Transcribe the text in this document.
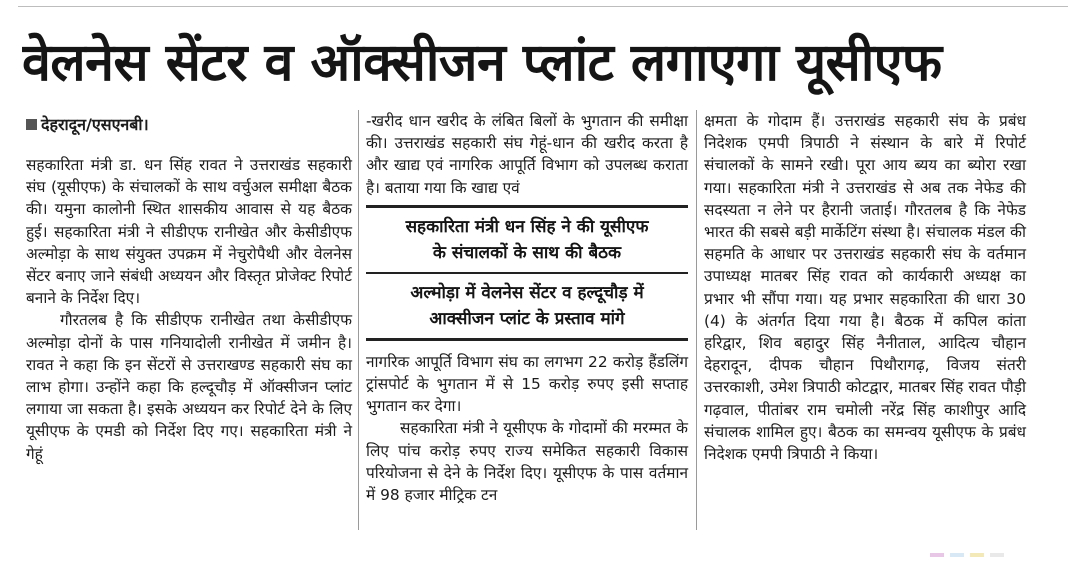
वेलनेस सेंटर व ऑक्सीजन प्लांट लगाएगा यूसीएफ
देहरादून/एसएनबी।

सहकारिता मंत्री डा. धन सिंह रावत ने उत्तराखंड सहकारी संघ (यूसीएफ) के संचालकों के साथ वर्चुअल समीक्षा बैठक की। यमुना कालोनी स्थित शासकीय आवास से यह बैठक हुई। सहकारिता मंत्री ने सीडीएफ रानीखेत और केसीडीएफ अल्मोड़ा के साथ संयुक्त उपक्रम में नेचुरोपैथी और वेलनेस सेंटर बनाए जाने संबंधी अध्ययन और विस्तृत प्रोजेक्ट रिपोर्ट बनाने के निर्देश दिए।

गौरतलब है कि सीडीएफ रानीखेत तथा केसीडीएफ अल्मोड़ा दोनों के पास गनियादोली रानीखेत में जमीन है। रावत ने कहा कि इन सेंटरों से उत्तराखण्ड सहकारी संघ का लाभ होगा। उन्होंने कहा कि हल्दूचौड़ में ऑक्सीजन प्लांट लगाया जा सकता है। इसके अध्ययन कर रिपोर्ट देने के लिए यूसीएफ के एमडी को निर्देश दिए गए। सहकारिता मंत्री ने गेहूं

-खरीद धान खरीद के लंबित बिलों के भुगतान की समीक्षा की। उत्तराखंड सहकारी संघ गेहूं-धान की खरीद करता है और खाद्य एवं नागरिक आपूर्ति विभाग को उपलब्ध कराता है। बताया गया कि खाद्य एवं

सहकारिता मंत्री धन सिंह ने की यूसीएफ
के संचालकों के साथ की बैठक
अल्मोड़ा में वेलनेस सेंटर व हल्दूचौड़ में
आक्सीजन प्लांट के प्रस्ताव मांगे

नागरिक आपूर्ति विभाग संघ का लगभग 22 करोड़ हैंडलिंग ट्रांसपोर्ट के भुगतान में से 15 करोड़ रुपए इसी सप्ताह भुगतान कर देगा।

सहकारिता मंत्री ने यूसीएफ के गोदामों की मरम्मत के लिए पांच करोड़ रुपए राज्य समेकित सहकारी विकास परियोजना से देने के निर्देश दिए। यूसीएफ के पास वर्तमान में 98 हजार मीट्रिक टन

क्षमता के गोदाम हैं। उत्तराखंड सहकारी संघ के प्रबंध निदेशक एमपी त्रिपाठी ने संस्थान के बारे में रिपोर्ट संचालकों के सामने रखी। पूरा आय ब्यय का ब्योरा रखा गया। सहकारिता मंत्री ने उत्तराखंड से अब तक नेफेड की सदस्यता न लेने पर हैरानी जताई। गौरतलब है कि नेफेड भारत की सबसे बड़ी मार्केटिंग संस्था है। संचालक मंडल की सहमति के आधार पर उत्तराखंड सहकारी संघ के वर्तमान उपाध्यक्ष मातबर सिंह रावत को कार्यकारी अध्यक्ष का प्रभार भी सौंपा गया। यह प्रभार सहकारिता की धारा 30 (4) के अंतर्गत दिया गया है। बैठक में कपिल कांता हरिद्वार, शिव बहादुर सिंह नैनीताल, आदित्य चौहान देहरादून, दीपक चौहान पिथौरागढ़, विजय संतरी उत्तरकाशी, उमेश त्रिपाठी कोटद्वार, मातबर सिंह रावत पौड़ी गढ़वाल, पीतांबर राम चमोली नरेंद्र सिंह काशीपुर आदि संचालक शामिल हुए। बैठक का समन्वय यूसीएफ के प्रबंध निदेशक एमपी त्रिपाठी ने किया।
